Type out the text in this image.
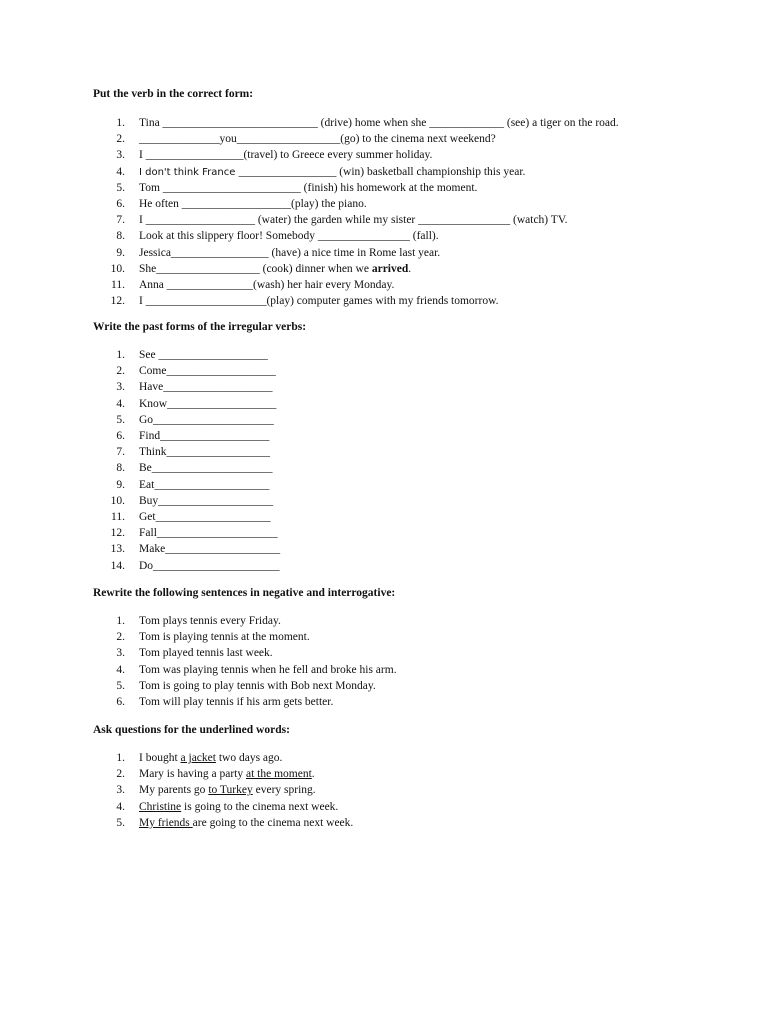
Put the verb in the correct form:
1. Tina ___________________________ (drive) home when she _____________ (see) a tiger on the road.
2. ______________you__________________(go) to the cinema next weekend?
3. I _________________(travel) to Greece every summer holiday.
4. I don't think France _________________ (win) basketball championship this year.
5. Tom ________________________ (finish) his homework at the moment.
6. He often ___________________(play) the piano.
7. I ___________________ (water) the garden while my sister ________________ (watch) TV.
8. Look at this slippery floor! Somebody ________________ (fall).
9. Jessica_________________ (have) a nice time in Rome last year.
10. She__________________ (cook) dinner when we arrived.
11. Anna _______________(wash) her hair every Monday.
12. I _____________________(play) computer games with my friends tomorrow.
Write the past forms of the irregular verbs:
1. See ___________________
2. Come___________________
3. Have___________________
4. Know___________________
5. Go_____________________
6. Find___________________
7. Think__________________
8. Be_____________________
9. Eat____________________
10. Buy____________________
11. Get____________________
12. Fall_____________________
13. Make____________________
14. Do______________________
Rewrite the following sentences in negative and interrogative:
1. Tom plays tennis every Friday.
2. Tom is playing tennis at the moment.
3. Tom played tennis last week.
4. Tom was playing tennis when he fell and broke his arm.
5. Tom is going to play tennis with Bob next Monday.
6. Tom will play tennis if his arm gets better.
Ask questions for the underlined words:
1. I bought a jacket two days ago.
2. Mary is having a party at the moment.
3. My parents go to Turkey every spring.
4. Christine is going to the cinema next week.
5. My friends are going to the cinema next week.
